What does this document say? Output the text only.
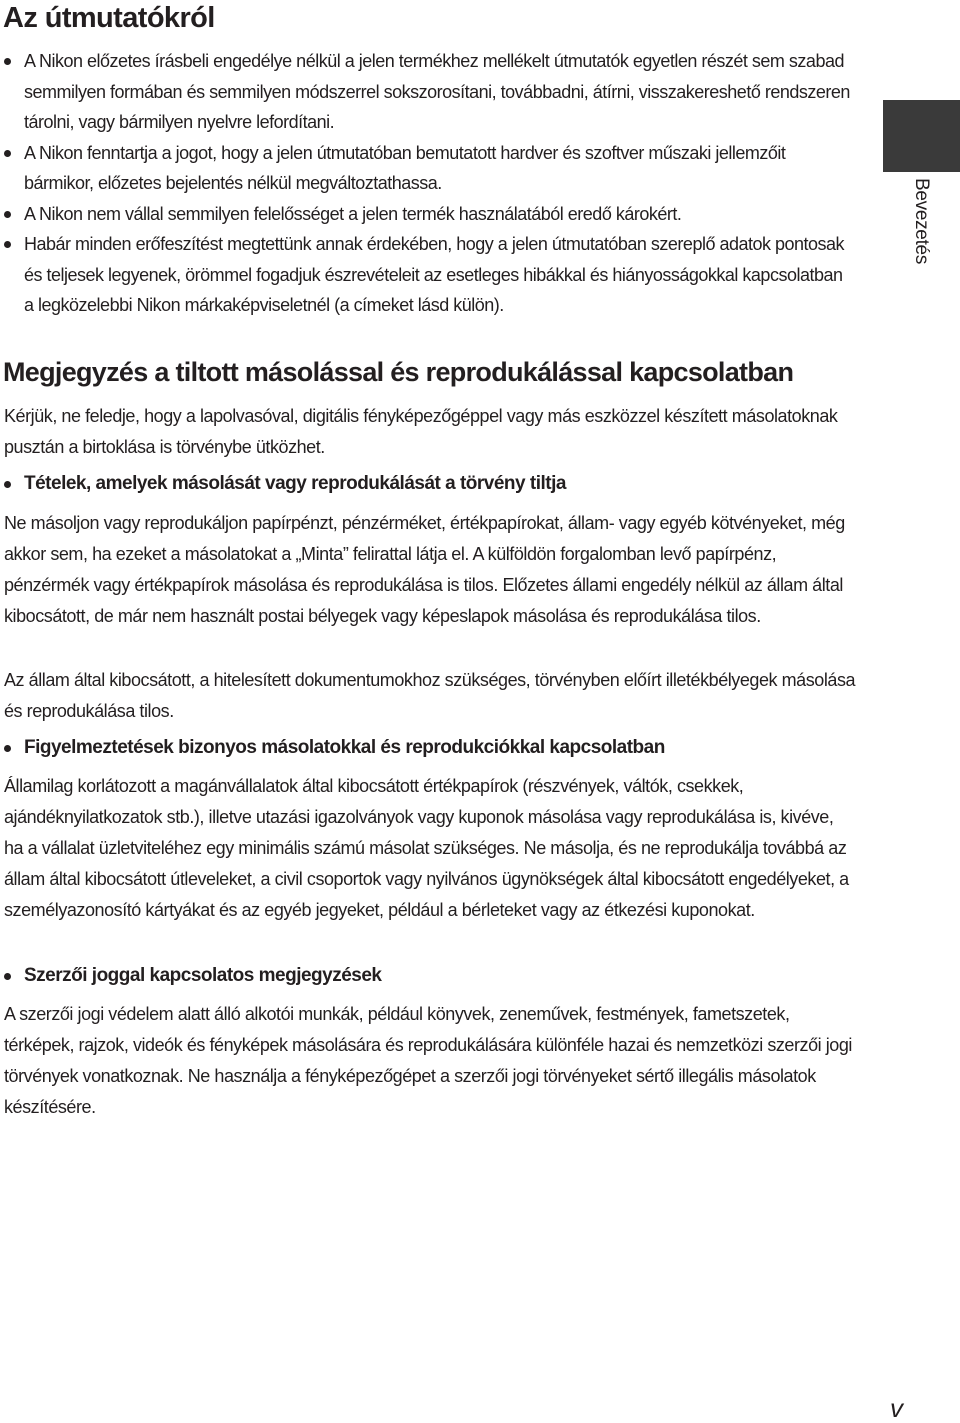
Az útmutatókról
A Nikon előzetes írásbeli engedélye nélkül a jelen termékhez mellékelt útmutatók egyetlen részét sem szabad semmilyen formában és semmilyen módszerrel sokszorosítani, továbbadni, átírni, visszakereshető rendszeren tárolni, vagy bármilyen nyelvre lefordítani.
A Nikon fenntartja a jogot, hogy a jelen útmutatóban bemutatott hardver és szoftver műszaki jellemzőit bármikor, előzetes bejelentés nélkül megváltoztathassa.
A Nikon nem vállal semmilyen felelősséget a jelen termék használatából eredő károkért.
Habár minden erőfeszítést megtettünk annak érdekében, hogy a jelen útmutatóban szereplő adatok pontosak és teljesek legyenek, örömmel fogadjuk észrevételeit az esetleges hibákkal és hiányosságokkal kapcsolatban a legközelebbi Nikon márkaképviseletnél (a címeket lásd külön).
Bevezetés
Megjegyzés a tiltott másolással és reprodukálással kapcsolatban

Kérjük, ne feledje, hogy a lapolvasóval, digitális fényképezőgéppel vagy más eszközzel készített másolatoknak pusztán a birtoklása is törvénybe ütközhet.

Tételek, amelyek másolását vagy reprodukálását a törvény tiltja

Ne másoljon vagy reprodukáljon papírpénzt, pénzérméket, értékpapírokat, állam- vagy egyéb kötvényeket, még akkor sem, ha ezeket a másolatokat a „Minta” felirattal látja el. A külföldön forgalomban levő papírpénz, pénzérmék vagy értékpapírok másolása és reprodukálása is tilos. Előzetes állami engedély nélkül az állam által kibocsátott, de már nem használt postai bélyegek vagy képeslapok másolása és reprodukálása tilos.

Az állam által kibocsátott, a hitelesített dokumentumokhoz szükséges, törvényben előírt illetékbélyegek másolása és reprodukálása tilos.

Figyelmeztetések bizonyos másolatokkal és reprodukciókkal kapcsolatban

Államilag korlátozott a magánvállalatok által kibocsátott értékpapírok (részvények, váltók, csekkek, ajándéknyilatkozatok stb.), illetve utazási igazolványok vagy kuponok másolása vagy reprodukálása is, kivéve, ha a vállalat üzletviteléhez egy minimális számú másolat szükséges. Ne másolja, és ne reprodukálja továbbá az állam által kibocsátott útleveleket, a civil csoportok vagy nyilvános ügynökségek által kibocsátott engedélyeket, a személyazonosító kártyákat és az egyéb jegyeket, például a bérleteket vagy az étkezési kuponokat.

Szerzői joggal kapcsolatos megjegyzések

A szerzői jogi védelem alatt álló alkotói munkák, például könyvek, zeneművek, festmények, fametszetek, térképek, rajzok, videók és fényképek másolására és reprodukálására különféle hazai és nemzetközi szerzői jogi törvények vonatkoznak. Ne használja a fényképezőgépet a szerzői jogi törvényeket sértő illegális másolatok készítésére.

v
